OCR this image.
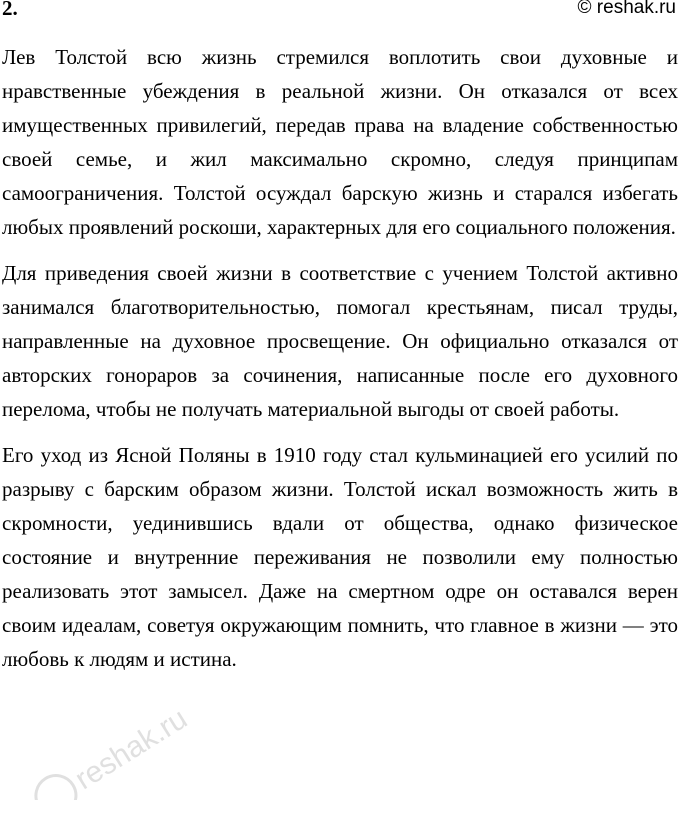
2.	© reshak.ru

Лев Толстой всю жизнь стремился воплотить свои духовные и нравственные убеждения в реальной жизни. Он отказался от всех имущественных привилегий, передав права на владение собственностью своей семье, и жил максимально скромно, следуя принципам самоограничения. Толстой осуждал барскую жизнь и старался избегать любых проявлений роскоши, характерных для его социального положения.

Для приведения своей жизни в соответствие с учением Толстой активно занимался благотворительностью, помогал крестьянам, писал труды, направленные на духовное просвещение. Он официально отказался от авторских гонораров за сочинения, написанные после его духовного перелома, чтобы не получать материальной выгоды от своей работы.

Его уход из Ясной Поляны в 1910 году стал кульминацией его усилий по разрыву с барским образом жизни. Толстой искал возможность жить в скромности, уединившись вдали от общества, однако физическое состояние и внутренние переживания не позволили ему полностью реализовать этот замысел. Даже на смертном одре он оставался верен своим идеалам, советуя окружающим помнить, что главное в жизни — это любовь к людям и истина.

reshak.ru
